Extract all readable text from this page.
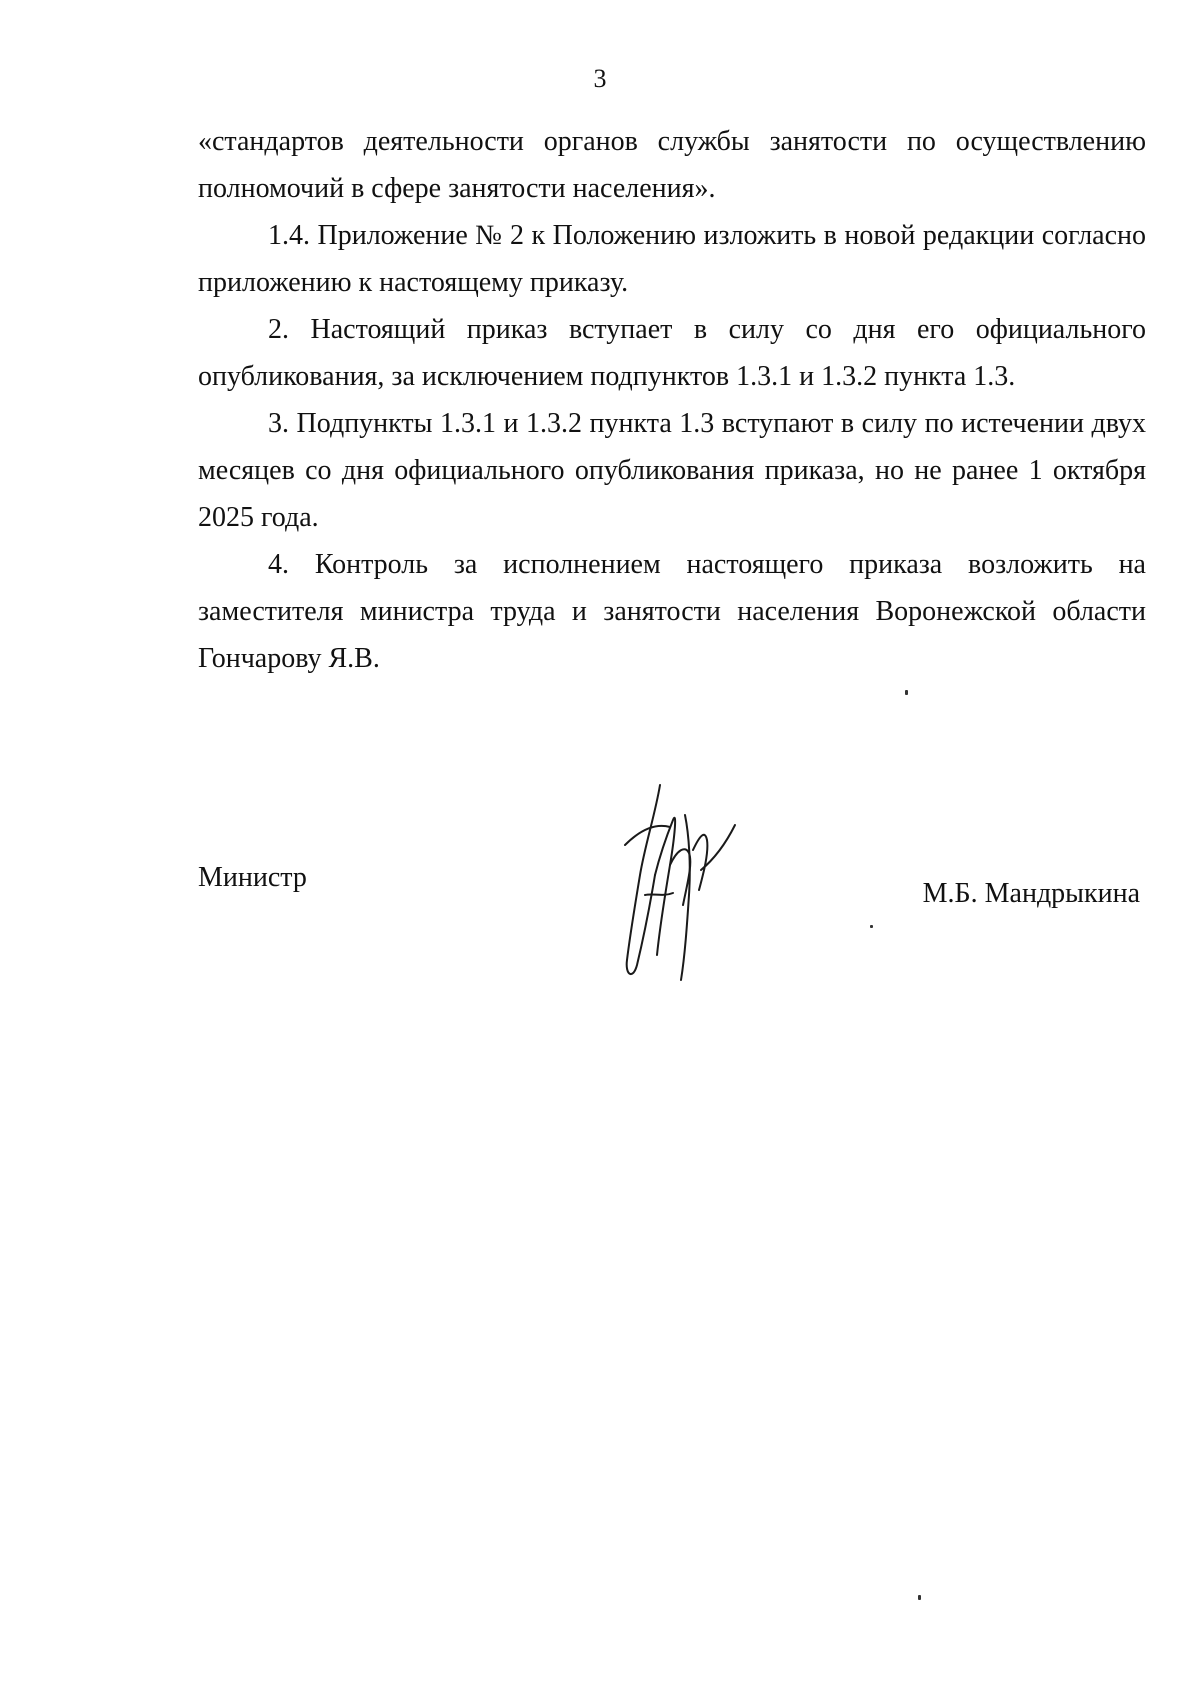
3

«стандартов деятельности органов службы занятости по осуществлению полномочий в сфере занятости населения».

1.4. Приложение № 2 к Положению изложить в новой редакции согласно приложению к настоящему приказу.

2. Настоящий приказ вступает в силу со дня его официального опубликования, за исключением подпунктов 1.3.1 и 1.3.2 пункта 1.3.

3. Подпункты 1.3.1 и 1.3.2 пункта 1.3 вступают в силу по истечении двух месяцев со дня официального опубликования приказа, но не ранее 1 октября 2025 года.

4. Контроль за исполнением настоящего приказа возложить на заместителя министра труда и занятости населения Воронежской области Гончарову Я.В.

Министр
М.Б. Мандрыкина
